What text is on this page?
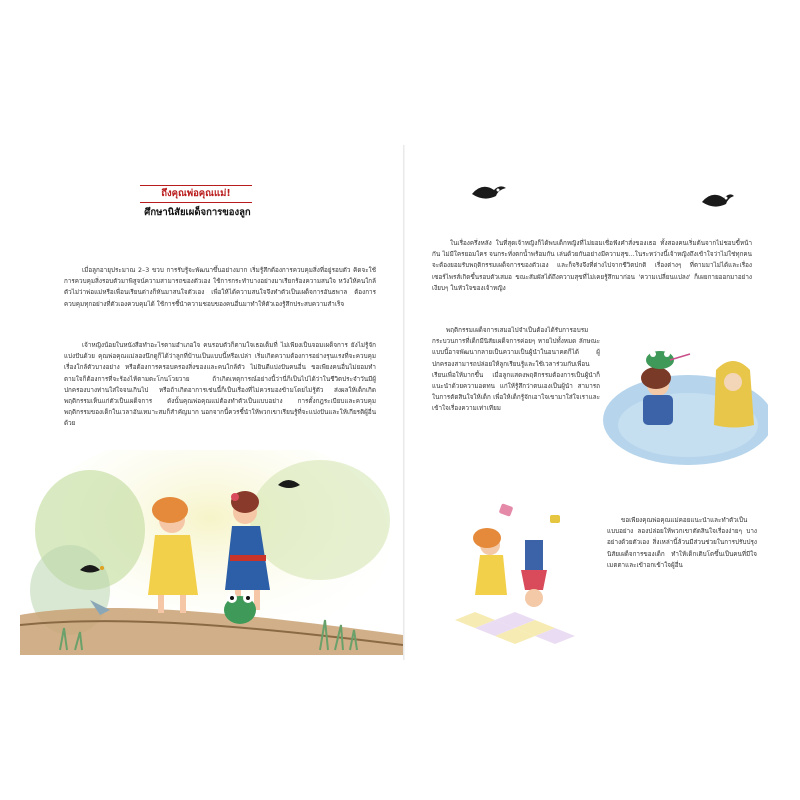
ถึงคุณพ่อคุณแม่!
ศึกษานิสัยเผด็จการของลูก
เมื่อลูกอายุประมาณ 2–3 ขวบ การรับรู้จะพัฒนาขึ้นอย่างมาก เริ่มรู้สึกต้องการควบคุมสิ่งที่อยู่รอบตัว คิดจะใช้การควบคุมสิ่งรอบตัวมาพิสูจน์ความสามารถของตัวเอง ใช้การกระทำบางอย่างมาเรียกร้องความสนใจ หวังให้คนใกล้ตัวไม่ว่าพ่อแม่หรือเพื่อนเรียนต่างก็หันมาสนใจตัวเอง เพื่อให้ได้ความสนใจจึงทำตัวเป็นเผด็จการอันธพาล ต้องการควบคุมทุกอย่างที่ตัวเองควบคุมได้ ใช้การชี้นำความชอบของคนอื่นมาทำให้ตัวเองรู้สึกประสบความสำเร็จ
เจ้าหญิงน้อยในหนังสือทำอะไรตามอำเภอใจ คนรอบตัวก็ตามใจเธอเต็มที่ ไม่เพียงเป็นจอมเผด็จการ ยังไม่รู้จักแบ่งปันด้วย คุณพ่อคุณแม่ลองนึกดูก็ได้ว่าลูกที่บ้านเป็นแบบนี้หรือเปล่า เริ่มเกิดความต้องการอย่างรุนแรงที่จะควบคุมเรื่องใกล้ตัวบางอย่าง หรือต้องการครอบครองสิ่งของและคนใกล้ตัว ไม่ยินดีแบ่งปันคนอื่น ขอเพียงคนอื่นไม่ยอมทำตามใจก็ต้องการที่จะร้องไห้ตามตะโกนโวยวาย ถ้าเกิดเหตุการณ์อย่างนี้ว่านี่ก็เป็นไปได้ว่าในชีวิตประจำวันมีผู้ปกครองบางท่านใส่ใจจนเกินไป หรือถ้าเกิดอาการเช่นนี้ก็เป็นเรื่องที่ไม่ควรมองข้ามโดยไม่รู้ตัว ส่งผลให้เด็กเกิดพฤติกรรมเห็นแก่ตัวเป็นเผด็จการ ดังนั้นคุณพ่อคุณแม่ต้องทำตัวเป็นแบบอย่าง การตั้งกฎระเบียบและควบคุมพฤติกรรมของเด็กในเวลาอันเหมาะสมก็สำคัญมาก นอกจากนี้ควรชี้นำให้พวกเขาเรียนรู้ที่จะแบ่งปันและให้เกียรติผู้อื่นด้วย
ในเรื่องครึ่งหลัง ในที่สุดเจ้าหญิงก็ได้พบเด็กหญิงที่ไม่ยอมเชื่อฟังคำสั่งของเธอ ทั้งสองคนเริ่มต้นจากไม่ชอบขี้หน้ากัน ไม่มีใครยอมใคร จนกระทั่งตกน้ำพร้อมกัน เล่นด้วยกันอย่างมีความสุข...ในระหว่างนี้เจ้าหญิงถึงเข้าใจว่าไม่ใช่ทุกคนจะต้องยอมรับพฤติกรรมเผด็จการของตัวเอง และก็จริงจึงที่ต่างไปจากชีวิตปกติ เรื่องต่างๆ ที่ตามมาไม่ได้และเรื่องเซอร์ไพรส์เกิดขึ้นรอบตัวเสมอ ขณะสัมผัสได้ถึงความสุขที่ไม่เคยรู้สึกมาก่อน 'ความเปลี่ยนแปลง' ก็เผยกายออกมาอย่างเงียบๆ ในหัวใจของเจ้าหญิง
พฤติกรรมเผด็จการเสมอไปจำเป็นต้องได้รับการอบรม กระบวนการที่เด็กมีนิสัยเผด็จการค่อยๆ หายไปทั้งหมด ลักษณะแบบนี้อาจพัฒนากลายเป็นความเป็นผู้นำในอนาคตก็ได้ ผู้ปกครองสามารถปล่อยให้ลูกเรียนรู้และใช้เวลาร่วมกับเพื่อนเรียนเพื่อให้มากขึ้น เมื่อลูกแสดงพฤติกรรมต้องการเป็นผู้นำก็แนะนำด้วยความอดทน แก่ให้รู้สึกว่าตนเองเป็นผู้นำ สามารถในการตัดสินใจให้เด็ก เพื่อให้เด็กรู้จักเอาใจเขามาใส่ใจเราและเข้าใจเรื่องความเท่าเทียม
ขอเพียงคุณพ่อคุณแม่คอยแนะนำและทำตัวเป็นแบบอย่าง ลองปล่อยให้พวกเขาตัดสินใจเรื่องง่ายๆ บางอย่างด้วยตัวเอง สิ่งเหล่านี้ล้วนมีส่วนช่วยในการปรับปรุงนิสัยเผด็จการของเด็ก ทำให้เด็กเติบโตขึ้นเป็นคนที่มีใจเมตตาและเข้าอกเข้าใจผู้อื่น
